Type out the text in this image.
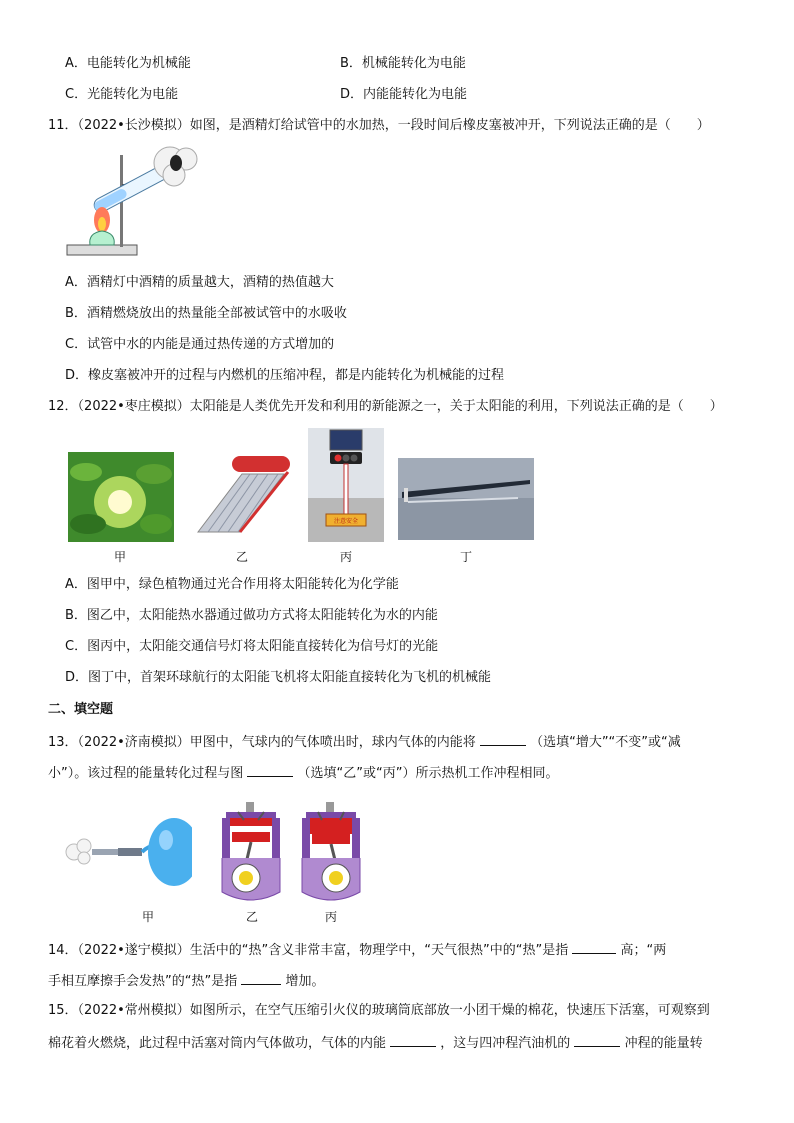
A．电能转化为机械能	B．机械能转化为电能
C．光能转化为电能	D．内能能转化为电能
11．（2022•长沙模拟）如图，是酒精灯给试管中的水加热，一段时间后橡皮塞被冲开，下列说法正确的是（　　）
A．酒精灯中酒精的质量越大，酒精的热值越大
B．酒精燃烧放出的热量能全部被试管中的水吸收
C．试管中水的内能是通过热传递的方式增加的
D．橡皮塞被冲开的过程与内燃机的压缩冲程，都是内能转化为机械能的过程
12．（2022•枣庄模拟）太阳能是人类优先开发和利用的新能源之一，关于太阳能的利用，下列说法正确的是（　　）
注意安全
甲	乙	丙	丁
A．图甲中，绿色植物通过光合作用将太阳能转化为化学能
B．图乙中，太阳能热水器通过做功方式将太阳能转化为水的内能
C．图丙中，太阳能交通信号灯将太阳能直接转化为信号灯的光能
D．图丁中，首架环球航行的太阳能飞机将太阳能直接转化为飞机的机械能
二、填空题
13．（2022•济南模拟）甲图中，气球内的气体喷出时，球内气体的内能将	（选填“增大”“不变”或“减
小”）。该过程的能量转化过程与图	（选填“乙”或“丙”）所示热机工作冲程相同。
甲	乙	丙
14．（2022•遂宁模拟）生活中的“热”含义非常丰富，物理学中，“天气很热”中的“热”是指	高；“两
手相互摩擦手会发热”的“热”是指	增加。
15．（2022•常州模拟）如图所示，在空气压缩引火仪的玻璃筒底部放一小团干燥的棉花，快速压下活塞，可观察到
棉花着火燃烧，此过程中活塞对筒内气体做功，气体的内能	，这与四冲程汽油机的	冲程的能量转
